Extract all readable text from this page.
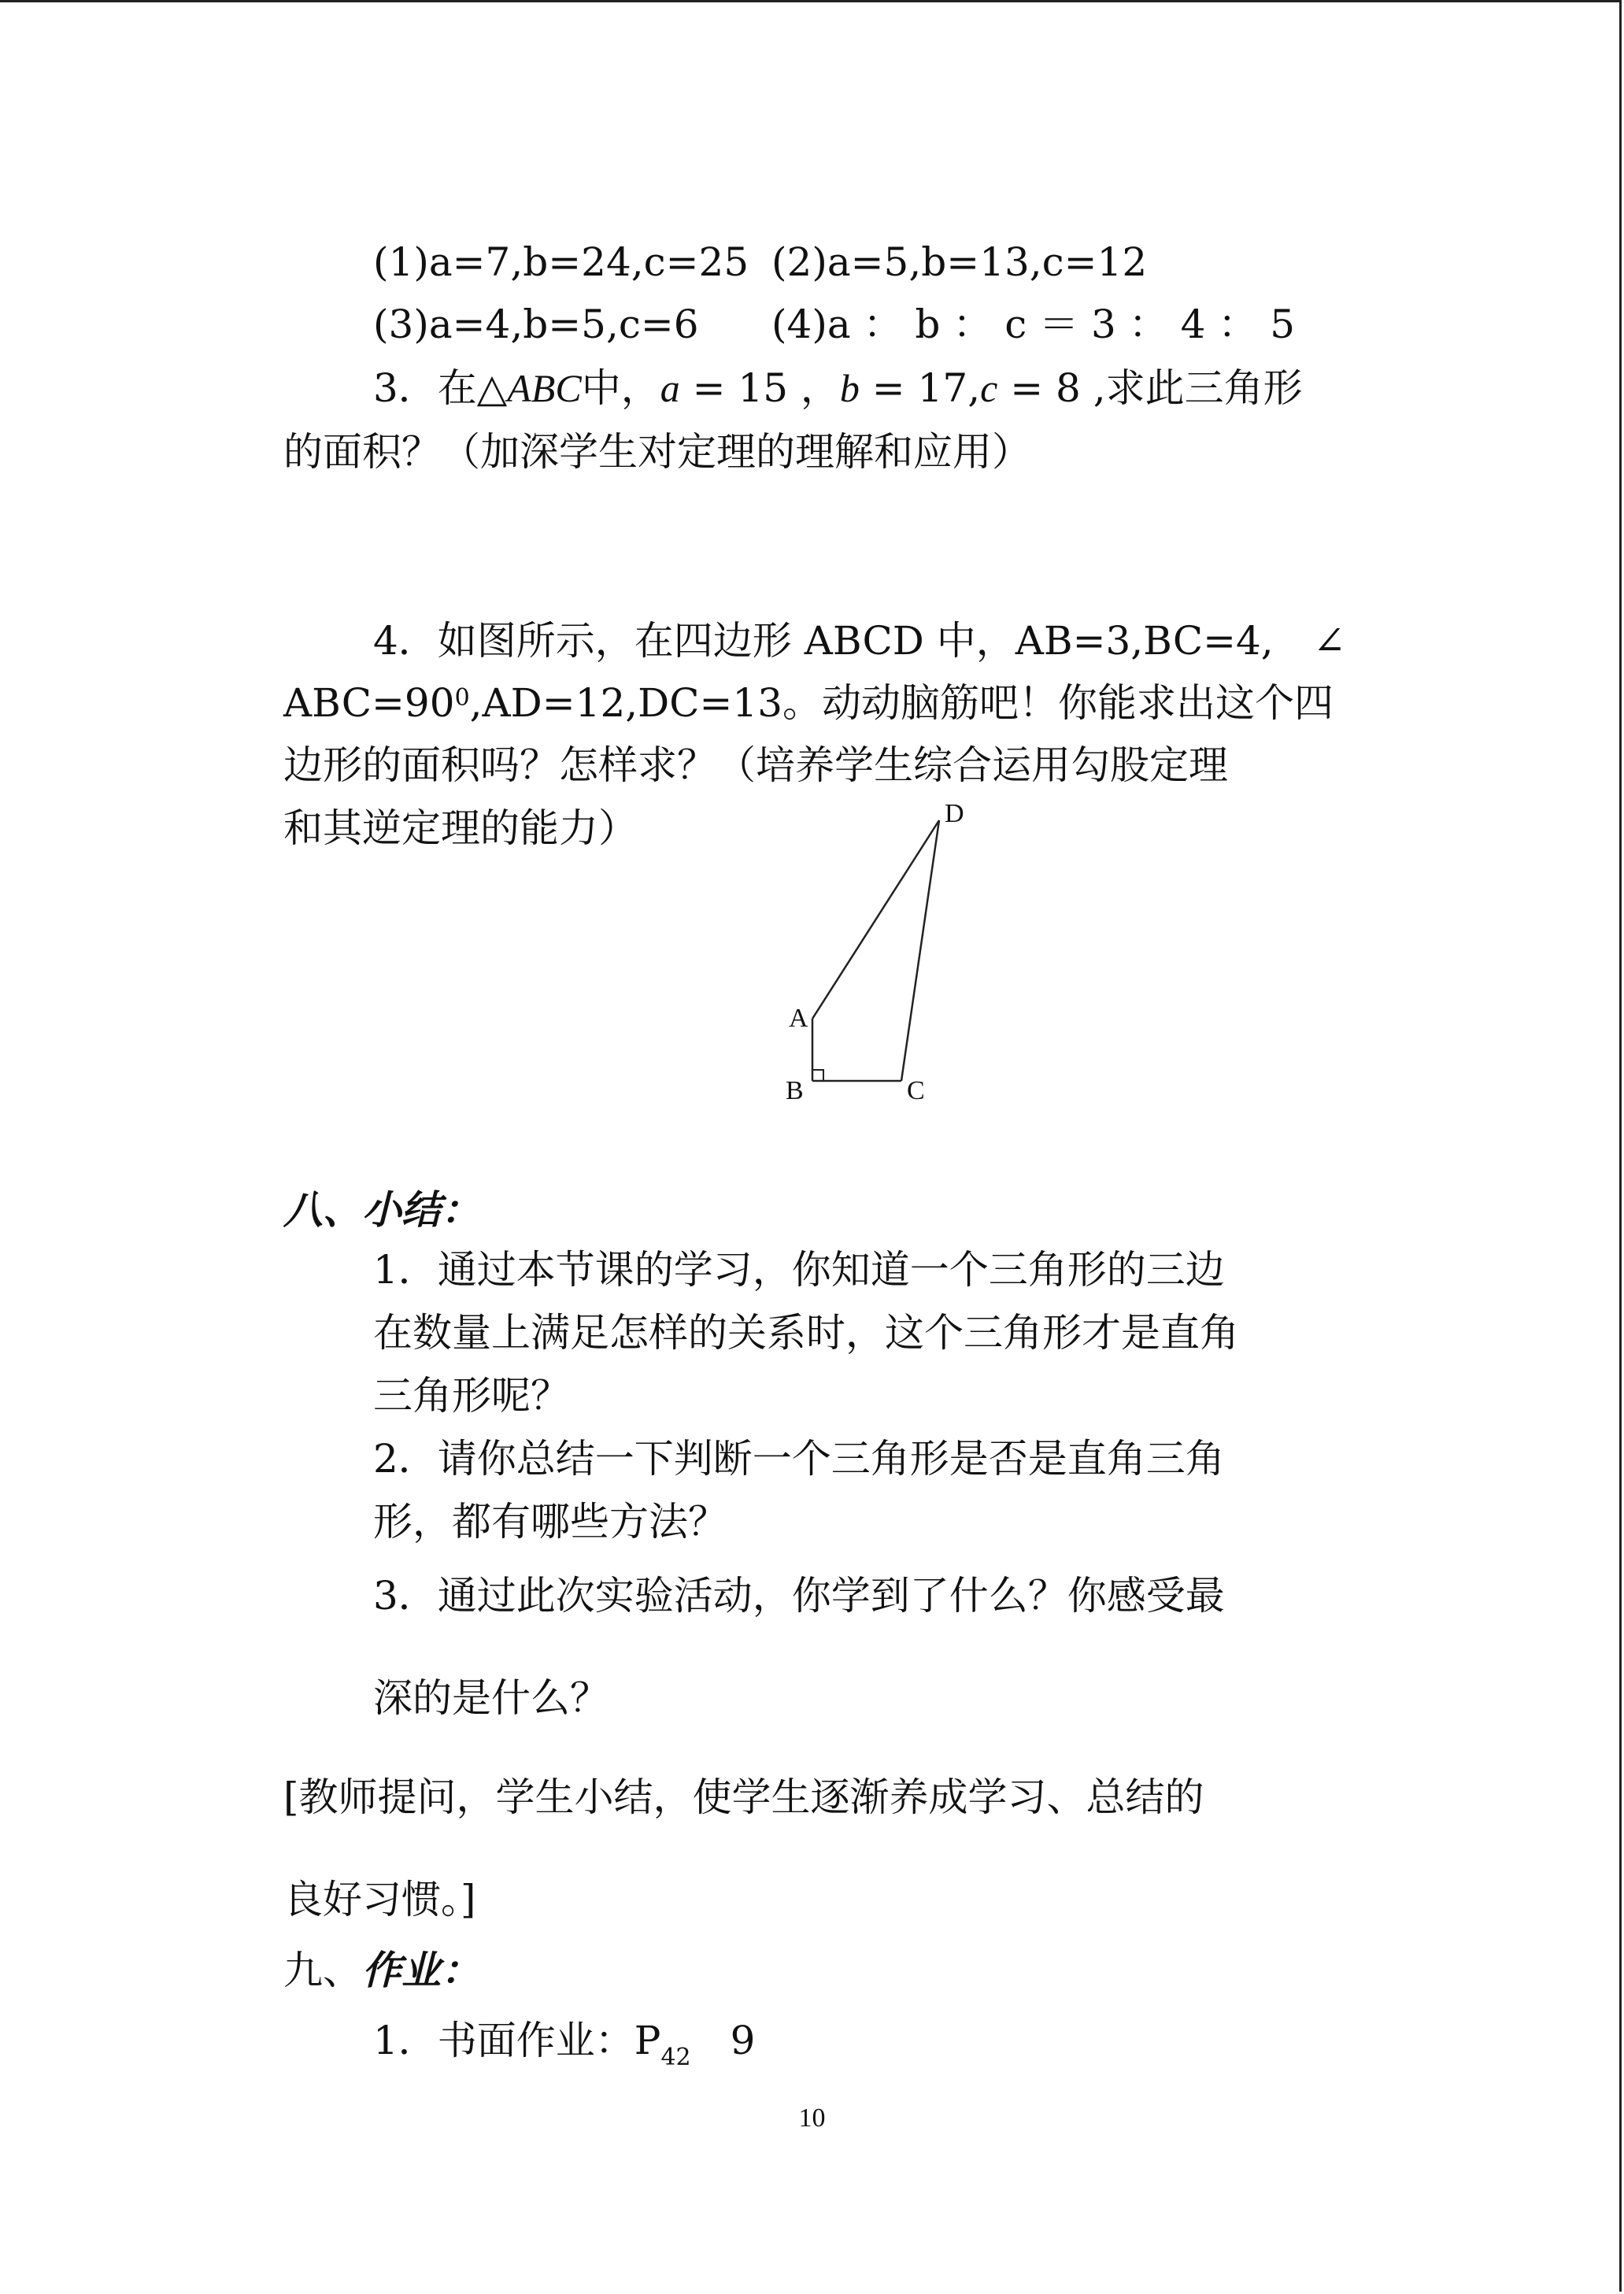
(1)a=7,b=24,c=25 (2)a=5,b=13,c=12
(3)a=4,b=5,c=6 (4)a ： b ： c ＝ 3 ： 4 ： 5
3．在△ABC中，a = 15 ，b = 17,c = 8 ,求此三角形
的面积？（加深学生对定理的理解和应用）
4．如图所示，在四边形 ABCD 中，AB=3,BC=4,　∠
$ABC=90^0,AD=12,DC=13$。动动脑筋吧！你能求出这个四
边形的面积吗？怎样求？（培养学生综合运用勾股定理
和其逆定理的能力）	D
A
B	C
八、小结：
1．通过本节课的学习，你知道一个三角形的三边
在数量上满足怎样的关系时，这个三角形才是直角
三角形呢？
2．请你总结一下判断一个三角形是否是直角三角
形，都有哪些方法？
3．通过此次实验活动，你学到了什么？你感受最
深的是什么？
[教师提问，学生小结，使学生逐渐养成学习、总结的
良好习惯。]
九、作业：
1．书面作业：$P_{42}$　9
10
